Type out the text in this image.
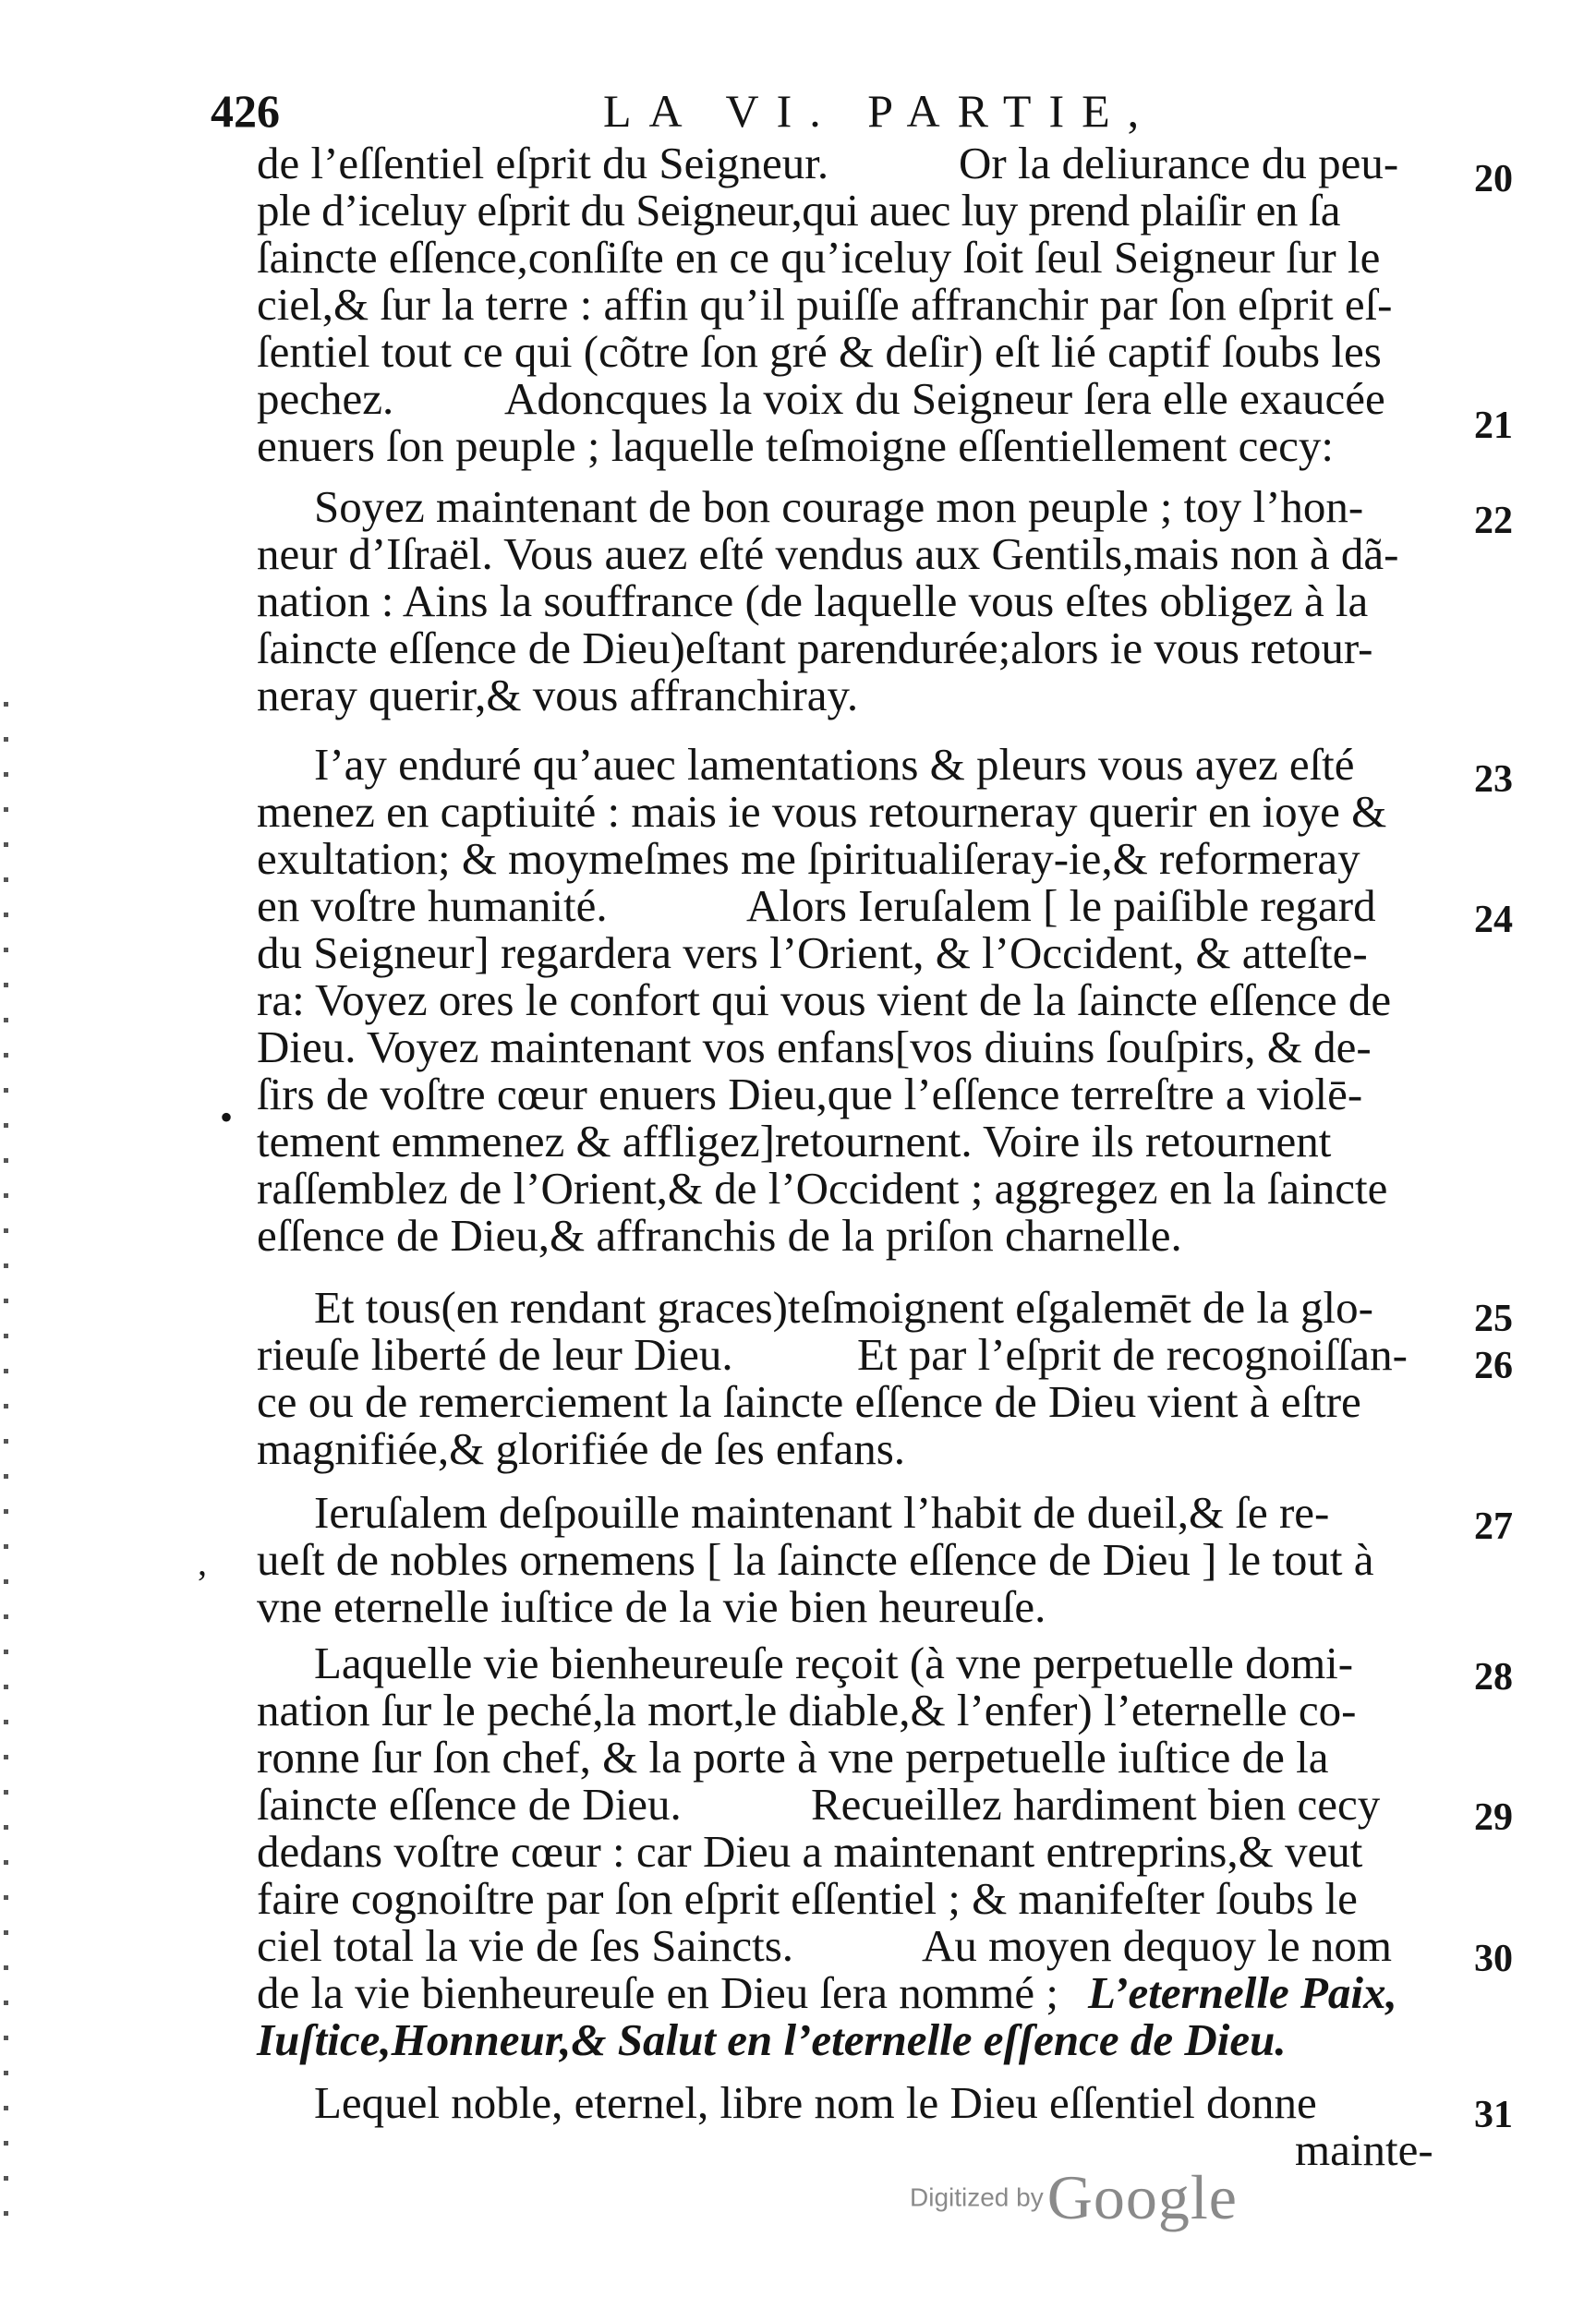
426	LA VI. PARTIE,
de l’eſſentiel eſprit du Seigneur.	Or la deliurance du peu-
ple d’iceluy eſprit du Seigneur,qui auec luy prend plaiſir en ſa
ſaincte eſſence,conſiſte en ce qu’iceluy ſoit ſeul Seigneur ſur le
ciel,& ſur la terre : affin qu’il puiſſe affranchir par ſon eſprit eſ-
ſentiel tout ce qui (cõtre ſon gré & deſir) eſt lié captif ſoubs les
pechez. Adoncques la voix du Seigneur ſera elle exaucée
enuers ſon peuple ; laquelle teſmoigne eſſentiellement cecy:
Soyez maintenant de bon courage mon peuple ; toy l’hon-
neur d’Iſraël. Vous auez eſté vendus aux Gentils,mais non à dã-
nation : Ains la souffrance (de laquelle vous eſtes obligez à la
ſaincte eſſence de Dieu)eſtant parendurée;alors ie vous retour-
neray querir,& vous affranchiray.
I’ay enduré qu’auec lamentations & pleurs vous ayez eſté
menez en captiuité : mais ie vous retourneray querir en ioye &
exultation; & moymeſmes me ſpiritualiſeray-ie,& reformeray
en voſtre humanité.	Alors Ieruſalem [ le paiſible regard
du Seigneur] regardera vers l’Orient, & l’Occident, & atteſte-
ra: Voyez ores le confort qui vous vient de la ſaincte eſſence de
Dieu. Voyez maintenant vos enfans[vos diuins ſouſpirs, & de-
ſirs de voſtre cœur enuers Dieu,que l’eſſence terreſtre a violē-
tement emmenez & affligez]retournent. Voire ils retournent
raſſemblez de l’Orient,& de l’Occident ; aggregez en la ſaincte
eſſence de Dieu,& affranchis de la priſon charnelle.
Et tous(en rendant graces)teſmoignent eſgalemēt de la glo-
rieuſe liberté de leur Dieu.	Et par l’eſprit de recognoiſſan-
ce ou de remerciement la ſaincte eſſence de Dieu vient à eſtre
magnifiée,& glorifiée de ſes enfans.
Ieruſalem deſpouille maintenant l’habit de dueil,& ſe re-
ueſt de nobles ornemens [ la ſaincte eſſence de Dieu ] le tout à
vne eternelle iuſtice de la vie bien heureuſe.
Laquelle vie bienheureuſe reçoit (à vne perpetuelle domi-
nation ſur le peché,la mort,le diable,& l’enfer) l’eternelle co-
ronne ſur ſon chef, & la porte à vne perpetuelle iuſtice de la
ſaincte eſſence de Dieu.	Recueillez hardiment bien cecy
dedans voſtre cœur : car Dieu a maintenant entreprins,& veut
faire cognoiſtre par ſon eſprit eſſentiel ; & manifeſter ſoubs le
ciel total la vie de ſes Saincts.	Au moyen dequoy le nom
de la vie bienheureuſe en Dieu ſera nommé ; L’eternelle Paix,
Iuſtice,Honneur,& Salut en l’eternelle eſſence de Dieu.
Lequel noble, eternel, libre nom le Dieu eſſentiel donne
mainte-
20
21
22
23
24
25
26
27
28
29
30
31
•
,
Digitized by Google
